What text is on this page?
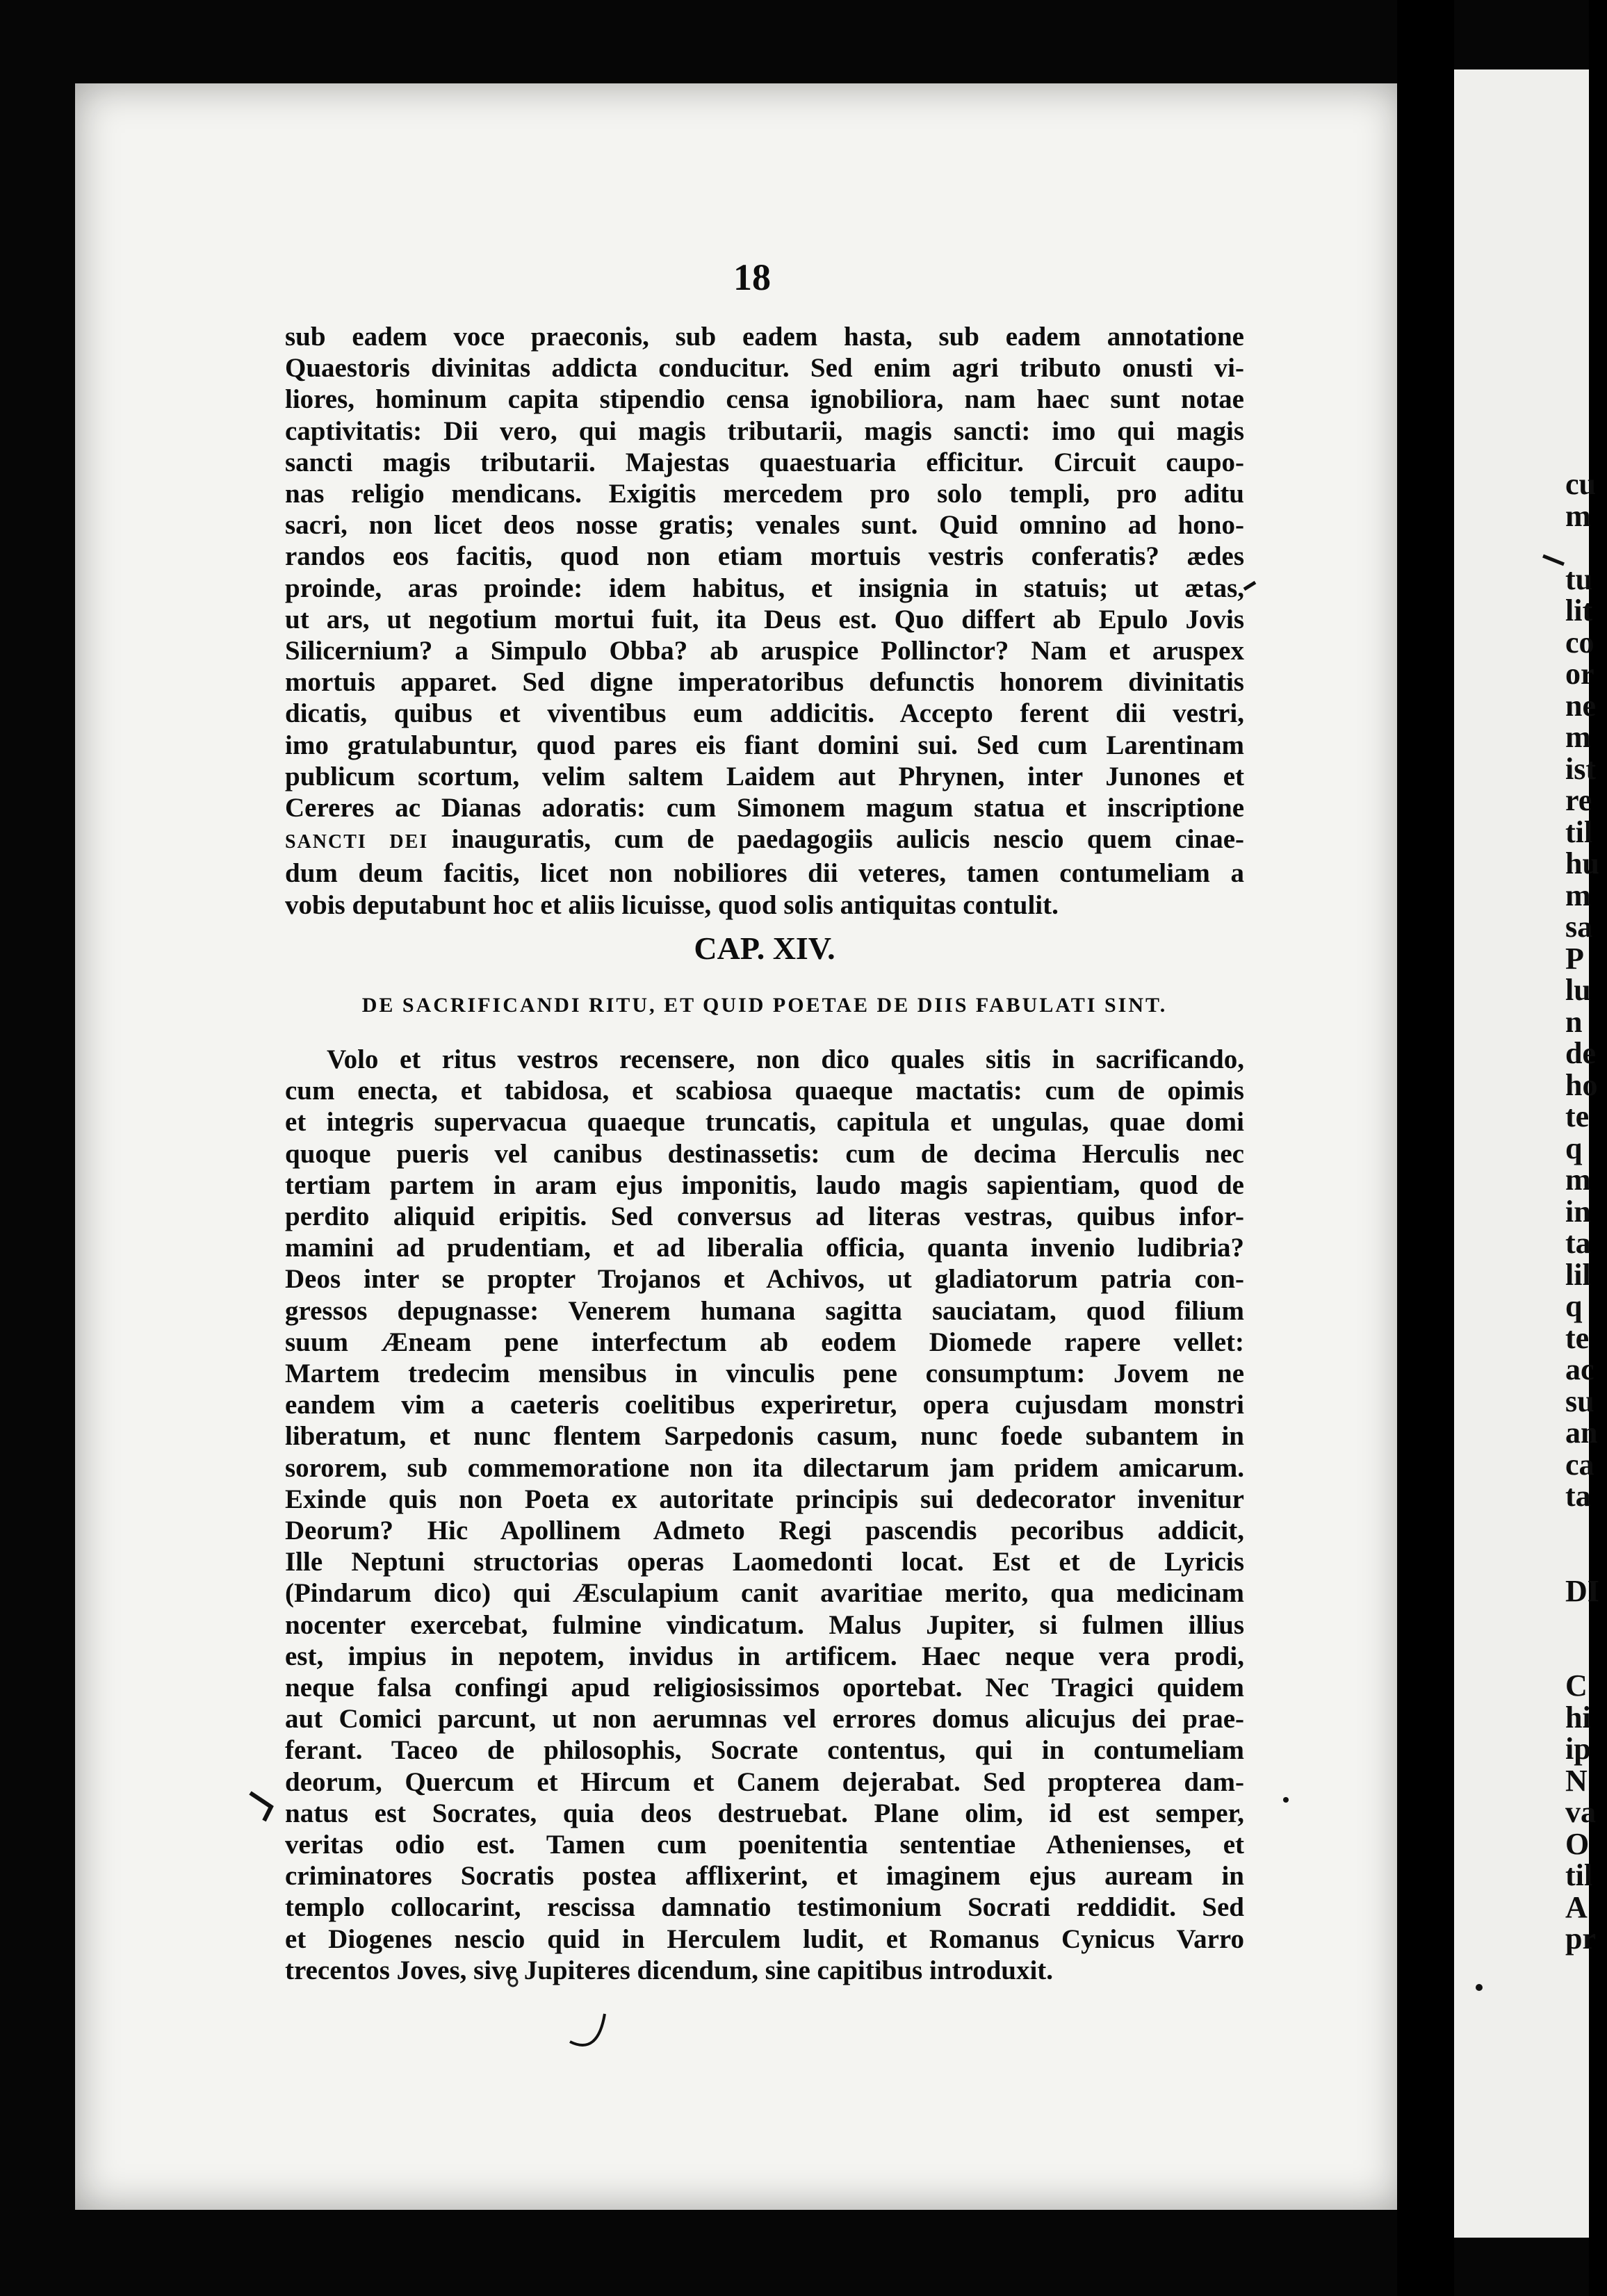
18
sub eadem voce praeconis, sub eadem hasta, sub eadem annotatione
Quaestoris divinitas addicta conducitur. Sed enim agri tributo onusti vi-
liores, hominum capita stipendio censa ignobiliora, nam haec sunt notae
captivitatis: Dii vero, qui magis tributarii, magis sancti: imo qui magis
sancti magis tributarii. Majestas quaestuaria efficitur. Circuit caupo-
nas religio mendicans. Exigitis mercedem pro solo templi, pro aditu
sacri, non licet deos nosse gratis; venales sunt. Quid omnino ad hono-
randos eos facitis, quod non etiam mortuis vestris conferatis? ædes
proinde, aras proinde: idem habitus, et insignia in statuis; ut ætas,
ut ars, ut negotium mortui fuit, ita Deus est. Quo differt ab Epulo Jovis
Silicernium? a Simpulo Obba? ab aruspice Pollinctor? Nam et aruspex
mortuis apparet. Sed digne imperatoribus defunctis honorem divinitatis
dicatis, quibus et viventibus eum addicitis. Accepto ferent dii vestri,
imo gratulabuntur, quod pares eis fiant domini sui. Sed cum Larentinam
publicum scortum, velim saltem Laidem aut Phrynen, inter Junones et
Cereres ac Dianas adoratis: cum Simonem magum statua et inscriptione
SANCTI DEI inauguratis, cum de paedagogiis aulicis nescio quem cinae-
dum deum facitis, licet non nobiliores dii veteres, tamen contumeliam a
vobis deputabunt hoc et aliis licuisse, quod solis antiquitas contulit.
CAP. XIV.
DE SACRIFICANDI RITU, ET QUID POETAE DE DIIS FABULATI SINT.
Volo et ritus vestros recensere, non dico quales sitis in sacrificando,
cum enecta, et tabidosa, et scabiosa quaeque mactatis: cum de opimis
et integris supervacua quaeque truncatis, capitula et ungulas, quae domi
quoque pueris vel canibus destinassetis: cum de decima Herculis nec
tertiam partem in aram ejus imponitis, laudo magis sapientiam, quod de
perdito aliquid eripitis. Sed conversus ad literas vestras, quibus infor-
mamini ad prudentiam, et ad liberalia officia, quanta invenio ludibria?
Deos inter se propter Trojanos et Achivos, ut gladiatorum patria con-
gressos depugnasse: Venerem humana sagitta sauciatam, quod filium
suum Æneam pene interfectum ab eodem Diomede rapere vellet:
Martem tredecim mensibus in vinculis pene consumptum: Jovem ne
eandem vim a caeteris coelitibus experiretur, opera cujusdam monstri
liberatum, et nunc flentem Sarpedonis casum, nunc foede subantem in
sororem, sub commemoratione non ita dilectarum jam pridem amicarum.
Exinde quis non Poeta ex autoritate principis sui dedecorator invenitur
Deorum? Hic Apollinem Admeto Regi pascendis pecoribus addicit,
Ille Neptuni structorias operas Laomedonti locat. Est et de Lyricis
(Pindarum dico) qui Æsculapium canit avaritiae merito, qua medicinam
nocenter exercebat, fulmine vindicatum. Malus Jupiter, si fulmen illius
est, impius in nepotem, invidus in artificem. Haec neque vera prodi,
neque falsa confingi apud religiosissimos oportebat. Nec Tragici quidem
aut Comici parcunt, ut non aerumnas vel errores domus alicujus dei prae-
ferant. Taceo de philosophis, Socrate contentus, qui in contumeliam
deorum, Quercum et Hircum et Canem dejerabat. Sed propterea dam-
natus est Socrates, quia deos destruebat. Plane olim, id est semper,
veritas odio est. Tamen cum poenitentia sententiae Athenienses, et
criminatores Socratis postea afflixerint, et imaginem ejus auream in
templo collocarint, rescissa damnatio testimonium Socrati reddidit. Sed
et Diogenes nescio quid in Herculem ludit, et Romanus Cynicus Varro
trecentos Joves, sive Jupiteres dicendum, sine capitibus introduxit.
cu
m
tu
lit
co
or
ne
m
ist
re
til
hu
m
sa
P
lu
n
de
ho
te
q
m
in
ta
lil
q
te
ac
su
an
ca
ta
DI
C
hi
ip
N
va
O
til
A
pr
